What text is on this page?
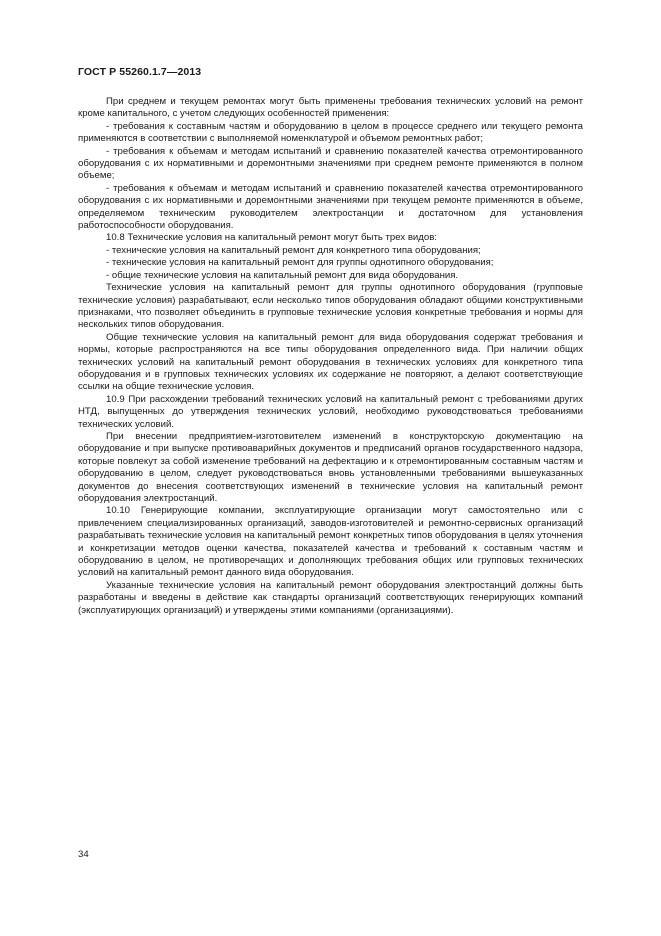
ГОСТ Р 55260.1.7—2013

При среднем и текущем ремонтах могут быть применены требования технических условий на ремонт кроме капитального, с учетом следующих особенностей применения:

- требования к составным частям и оборудованию в целом в процессе среднего или текущего ремонта применяются в соответствии с выполняемой номенклатурой и объемом ремонтных работ;

- требования к объемам и методам испытаний и сравнению показателей качества отремонтированного оборудования с их нормативными и доремонтными значениями при среднем ремонте применяются в полном объеме;

- требования к объемам и методам испытаний и сравнению показателей качества отремонтированного оборудования с их нормативными и доремонтными значениями при текущем ремонте применяются в объеме, определяемом техническим руководителем электростанции и достаточном для установления работоспособности оборудования.

10.8 Технические условия на капитальный ремонт могут быть трех видов:

- технические условия на капитальный ремонт для конкретного типа оборудования;

- технические условия на капитальный ремонт для группы однотипного оборудования;

- общие технические условия на капитальный ремонт для вида оборудования.

Технические условия на капитальный ремонт для группы однотипного оборудования (групповые технические условия) разрабатывают, если несколько типов оборудования обладают общими конструктивными признаками, что позволяет объединить в групповые технические условия конкретные требования и нормы для нескольких типов оборудования.

Общие технические условия на капитальный ремонт для вида оборудования содержат требования и нормы, которые распространяются на все типы оборудования определенного вида. При наличии общих технических условий на капитальный ремонт оборудования в технических условиях для конкретного типа оборудования и в групповых технических условиях их содержание не повторяют, а делают соответствующие ссылки на общие технические условия.

10.9 При расхождении требований технических условий на капитальный ремонт с требованиями других НТД, выпущенных до утверждения технических условий, необходимо руководствоваться требованиями технических условий.

При внесении предприятием-изготовителем изменений в конструкторскую документацию на оборудование и при выпуске противоаварийных документов и предписаний органов государственного надзора, которые повлекут за собой изменение требований на дефектацию и к отремонтированным составным частям и оборудованию в целом, следует руководствоваться вновь установленными требованиями вышеуказанных документов до внесения соответствующих изменений в технические условия на капитальный ремонт оборудования электростанций.

10.10 Генерирующие компании, эксплуатирующие организации могут самостоятельно или с привлечением специализированных организаций, заводов-изготовителей и ремонтно-сервисных организаций разрабатывать технические условия на капитальный ремонт конкретных типов оборудования в целях уточнения и конкретизации методов оценки качества, показателей качества и требований к составным частям и оборудованию в целом, не противоречащих и дополняющих требования общих или групповых технических условий на капитальный ремонт данного вида оборудования.

Указанные технические условия на капитальный ремонт оборудования электростанций должны быть разработаны и введены в действие как стандарты организаций соответствующих генерирующих компаний (эксплуатирующих организаций) и утверждены этими компаниями (организациями).

34
